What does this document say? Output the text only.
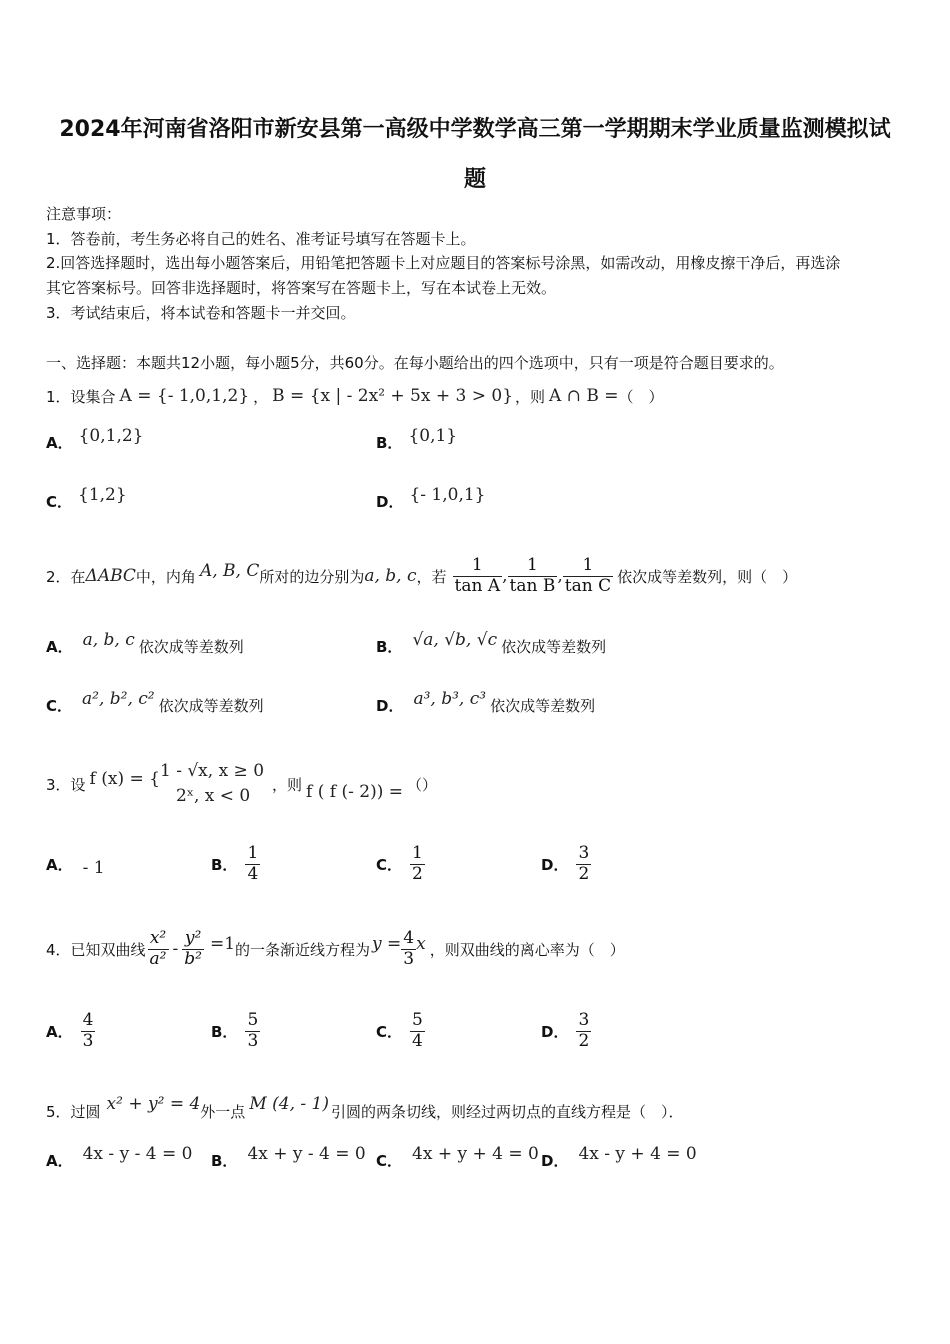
2024年河南省洛阳市新安县第一高级中学数学高三第一学期期末学业质量监测模拟试
题
注意事项：
1．答卷前，考生务必将自己的姓名、准考证号填写在答题卡上。
2.回答选择题时，选出每小题答案后，用铅笔把答题卡上对应题目的答案标号涂黑，如需改动，用橡皮擦干净后，再选涂
其它答案标号。回答非选择题时，将答案写在答题卡上，写在本试卷上无效。
3．考试结束后，将本试卷和答题卡一并交回。
一、选择题：本题共12小题，每小题5分，共60分。在每小题给出的四个选项中，只有一项是符合题目要求的。
1．设集合 A = {- 1,0,1,2} ， B = {x | - 2x² + 5x + 3 > 0} ，则 A ∩ B = （　）
A． {0,1,2}	B． {0,1}
C． {1,2}	D． {- 1,0,1}
2．在 ΔABC 中，内角 A, B, C 所对的边分别为 a, b, c ，若 $\frac{1}{\text{tan A}}$ , $\frac{1}{\text{tan B}}$ , $\frac{1}{\text{tan C}}$ 依次成等差数列，则（　）
A． a, b, c 依次成等差数列	B． √a, √b, √c 依次成等差数列
C． a², b², c² 依次成等差数列	D． a³, b³, c³ 依次成等差数列
3．设 f (x) = { 1 - √x, x ≥ 0
2ˣ, x < 0
，则 f ( f (- 2)) = （）
A． - 1	B． $\frac{1}{4}$	C． $\frac{1}{2}$	D． $\frac{3}{2}$
4．已知双曲线 $\frac{\text{x²}}{\text{a²}} - \frac{\text{y²}}{\text{b²}} =1$ 的一条渐近线方程为 $y = \frac{4}{3}$ x ，则双曲线的离心率为（　）
A． $\frac{4}{3}$	B． $\frac{5}{3}$	C． $\frac{5}{4}$	D． $\frac{3}{2}$
5．过圆 x² + y² = 4 外一点 M (4, - 1) 引圆的两条切线，则经过两切点的直线方程是（　）．
A． 4x - y - 4 = 0 B． 4x + y - 4 = 0 C． 4x + y + 4 = 0 D． 4x - y + 4 = 0
